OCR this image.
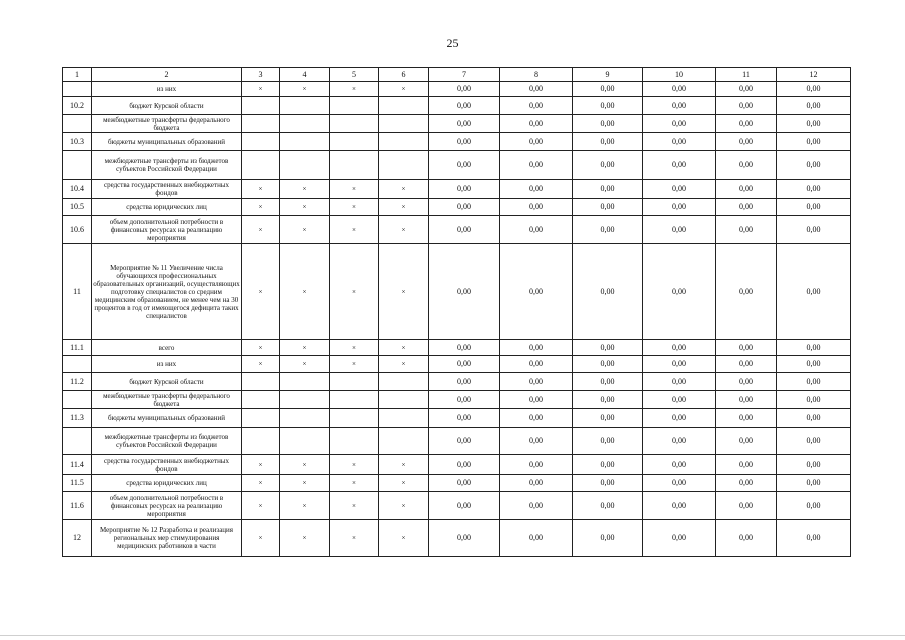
25
1	2	3	4	5	6	7	8	9	10	11	12
	из них	×	×	×	×	0,00	0,00	0,00	0,00	0,00	0,00
10.2	бюджет Курской области					0,00	0,00	0,00	0,00	0,00	0,00
	межбюджетные трансферты федерального бюджета					0,00	0,00	0,00	0,00	0,00	0,00
10.3	бюджеты муниципальных образований					0,00	0,00	0,00	0,00	0,00	0,00
	межбюджетные трансферты из бюджетов субъектов Российской Федерации					0,00	0,00	0,00	0,00	0,00	0,00
10.4	средства государственных внебюджетных фондов	×	×	×	×	0,00	0,00	0,00	0,00	0,00	0,00
10.5	средства юридических лиц	×	×	×	×	0,00	0,00	0,00	0,00	0,00	0,00
10.6	объем дополнительной потребности в финансовых ресурсах на реализацию мероприятия	×	×	×	×	0,00	0,00	0,00	0,00	0,00	0,00
11	Мероприятие № 11 Увеличение числа обучающихся профессиональных образовательных организаций, осуществляющих подготовку специалистов со средним медицинским образованием, не менее чем на 30 процентов в год от имеющегося дефицита таких специалистов	×	×	×	×	0,00	0,00	0,00	0,00	0,00	0,00
11.1	всего	×	×	×	×	0,00	0,00	0,00	0,00	0,00	0,00
	из них	×	×	×	×	0,00	0,00	0,00	0,00	0,00	0,00
11.2	бюджет Курской области					0,00	0,00	0,00	0,00	0,00	0,00
	межбюджетные трансферты федерального бюджета					0,00	0,00	0,00	0,00	0,00	0,00
11.3	бюджеты муниципальных образований					0,00	0,00	0,00	0,00	0,00	0,00
	межбюджетные трансферты из бюджетов субъектов Российской Федерации					0,00	0,00	0,00	0,00	0,00	0,00
11.4	средства государственных внебюджетных фондов	×	×	×	×	0,00	0,00	0,00	0,00	0,00	0,00
11.5	средства юридических лиц	×	×	×	×	0,00	0,00	0,00	0,00	0,00	0,00
11.6	объем дополнительной потребности в финансовых ресурсах на реализацию мероприятия	×	×	×	×	0,00	0,00	0,00	0,00	0,00	0,00
12	Мероприятие № 12 Разработка и реализация региональных мер стимулирования медицинских работников в части	×	×	×	×	0,00	0,00	0,00	0,00	0,00	0,00
